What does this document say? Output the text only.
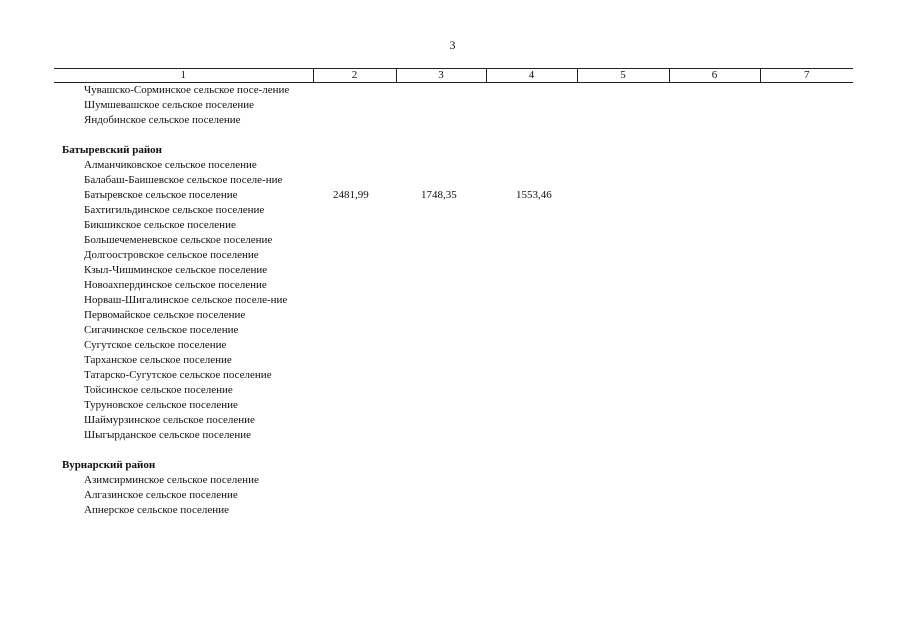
3
1	2	3	4	5	6	7

Чувашско-Сорминское сельское посе-ление						

Шумшевашское сельское поселение						

Яндобинское сельское поселение						

Батыревский район						

Алманчиковское сельское поселение						

Балабаш-Баишевское сельское поселе-ние						

Батыревское сельское поселение	2481,99	1748,35	1553,46			

Бахтигильдинское сельское поселение						

Бикшикское сельское поселение						

Большечеменевское сельское поселение						

Долгоостровское сельское поселение						

Кзыл-Чишминское сельское поселение						

Новоахпердинское сельское поселение						

Норваш-Шигалинское сельское поселе-ние						

Первомайское сельское поселение						

Сигачинское сельское поселение						

Сугутское сельское поселение						

Тарханское сельское поселение						

Татарско-Сугутское сельское поселение						

Тойсинское сельское поселение						

Туруновское сельское поселение						

Шаймурзинское сельское поселение						

Шыгырданское сельское поселение						

Вурнарский район						

Азимсирминское сельское поселение						

Алгазинское сельское поселение						

Апнерское сельское поселение						
